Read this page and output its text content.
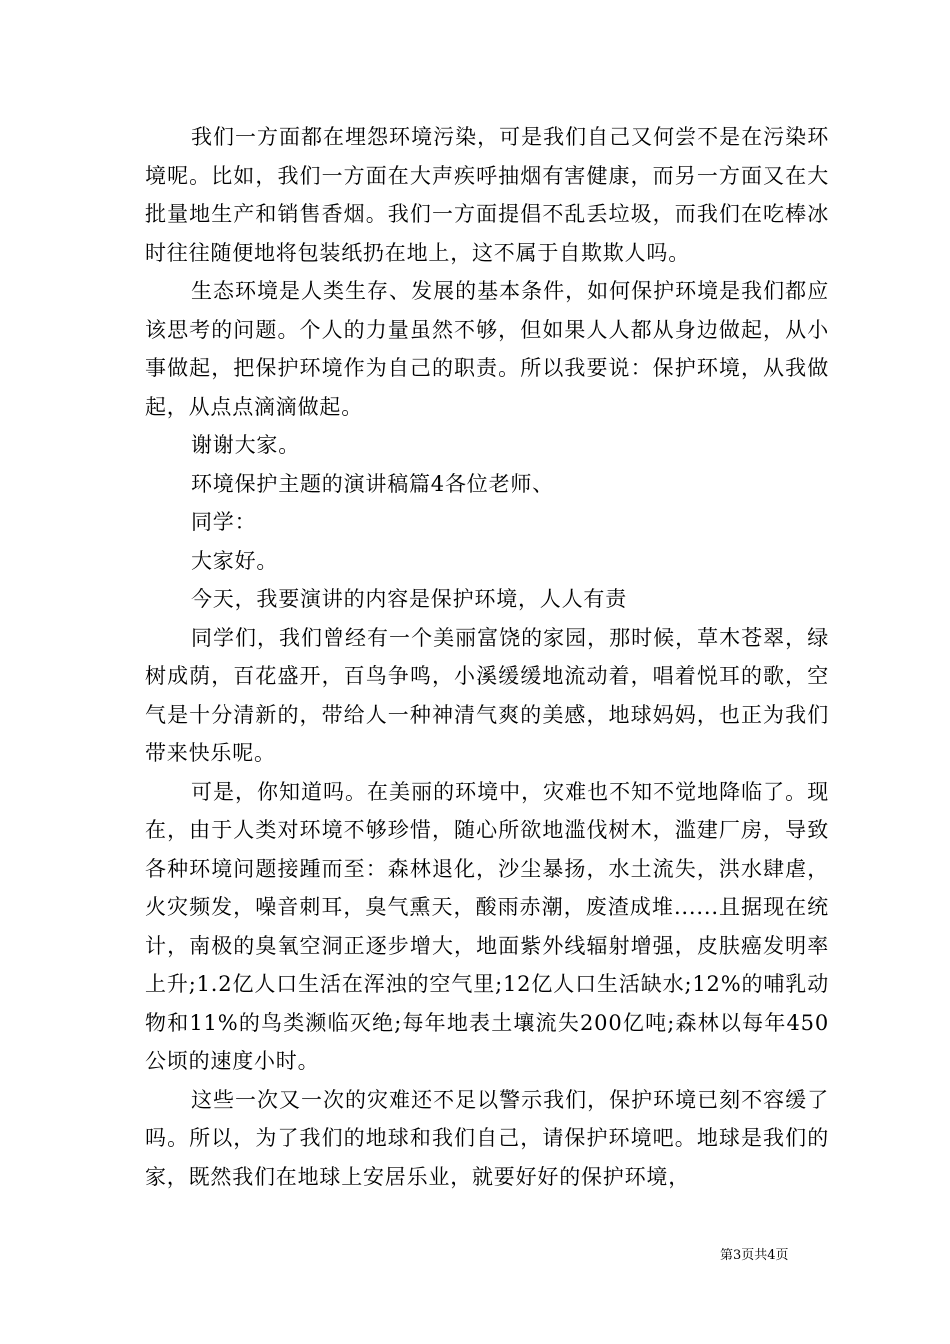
我们一方面都在埋怨环境污染，可是我们自己又何尝不是在污染环境呢。比如，我们一方面在大声疾呼抽烟有害健康，而另一方面又在大批量地生产和销售香烟。我们一方面提倡不乱丢垃圾，而我们在吃棒冰时往往随便地将包装纸扔在地上，这不属于自欺欺人吗。

生态环境是人类生存、发展的基本条件，如何保护环境是我们都应该思考的问题。个人的力量虽然不够，但如果人人都从身边做起，从小事做起，把保护环境作为自己的职责。所以我要说：保护环境，从我做起，从点点滴滴做起。

谢谢大家。

环境保护主题的演讲稿篇4各位老师、

同学：

大家好。

今天，我要演讲的内容是保护环境，人人有责

同学们，我们曾经有一个美丽富饶的家园，那时候，草木苍翠，绿树成荫，百花盛开，百鸟争鸣，小溪缓缓地流动着，唱着悦耳的歌，空气是十分清新的，带给人一种神清气爽的美感，地球妈妈，也正为我们带来快乐呢。

可是，你知道吗。在美丽的环境中，灾难也不知不觉地降临了。现在，由于人类对环境不够珍惜，随心所欲地滥伐树木，滥建厂房，导致各种环境问题接踵而至：森林退化，沙尘暴扬，水土流失，洪水肆虐，火灾频发，噪音刺耳，臭气熏天，酸雨赤潮，废渣成堆......且据现在统计，南极的臭氧空洞正逐步增大，地面紫外线辐射增强，皮肤癌发明率上升;1.2亿人口生活在浑浊的空气里;12亿人口生活缺水;12%的哺乳动物和11%的鸟类濒临灭绝;每年地表土壤流失200亿吨;森林以每年450公顷的速度小时。

这些一次又一次的灾难还不足以警示我们，保护环境已刻不容缓了吗。所以，为了我们的地球和我们自己，请保护环境吧。地球是我们的家，既然我们在地球上安居乐业，就要好好的保护环境，

第3页共4页
